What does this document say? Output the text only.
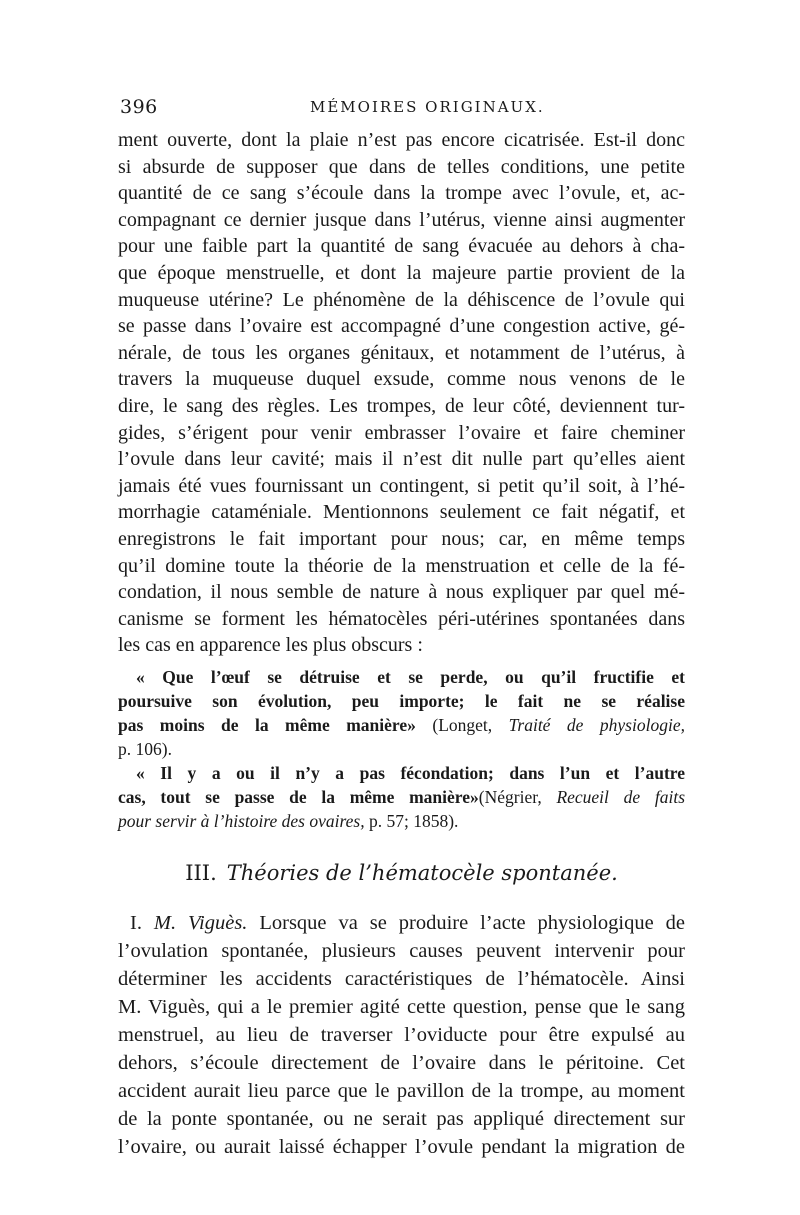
396	MÉMOIRES ORIGINAUX.
ment ouverte, dont la plaie n’est pas encore cicatrisée. Est-il donc
si absurde de supposer que dans de telles conditions, une petite
quantité de ce sang s’écoule dans la trompe avec l’ovule, et, ac-
compagnant ce dernier jusque dans l’utérus, vienne ainsi augmenter
pour une faible part la quantité de sang évacuée au dehors à cha-
que époque menstruelle, et dont la majeure partie provient de la
muqueuse utérine? Le phénomène de la déhiscence de l’ovule qui
se passe dans l’ovaire est accompagné d’une congestion active, gé-
nérale, de tous les organes génitaux, et notamment de l’utérus, à
travers la muqueuse duquel exsude, comme nous venons de le
dire, le sang des règles. Les trompes, de leur côté, deviennent tur-
gides, s’érigent pour venir embrasser l’ovaire et faire cheminer
l’ovule dans leur cavité; mais il n’est dit nulle part qu’elles aient
jamais été vues fournissant un contingent, si petit qu’il soit, à l’hé-
morrhagie cataméniale. Mentionnons seulement ce fait négatif, et
enregistrons le fait important pour nous; car, en même temps
qu’il domine toute la théorie de la menstruation et celle de la fé-
condation, il nous semble de nature à nous expliquer par quel mé-
canisme se forment les hématocèles péri-utérines spontanées dans
les cas en apparence les plus obscurs :
« Que l’œuf se détruise et se perde, ou qu’il fructifie et
poursuive son évolution, peu importe; le fait ne se réalise
pas moins de la même manière» (Longet, Traité de physiologie,
p. 106).
« Il y a ou il n’y a pas fécondation; dans l’un et l’autre
cas, tout se passe de la même manière»(Négrier, Recueil de faits
pour servir à l’histoire des ovaires, p. 57; 1858).
III. Théories de l’hématocèle spontanée.
I. M. Viguès. Lorsque va se produire l’acte physiologique de
l’ovulation spontanée, plusieurs causes peuvent intervenir pour
déterminer les accidents caractéristiques de l’hématocèle. Ainsi
M. Viguès, qui a le premier agité cette question, pense que le sang
menstruel, au lieu de traverser l’oviducte pour être expulsé au
dehors, s’écoule directement de l’ovaire dans le péritoine. Cet
accident aurait lieu parce que le pavillon de la trompe, au moment
de la ponte spontanée, ou ne serait pas appliqué directement sur
l’ovaire, ou aurait laissé échapper l’ovule pendant la migration de
